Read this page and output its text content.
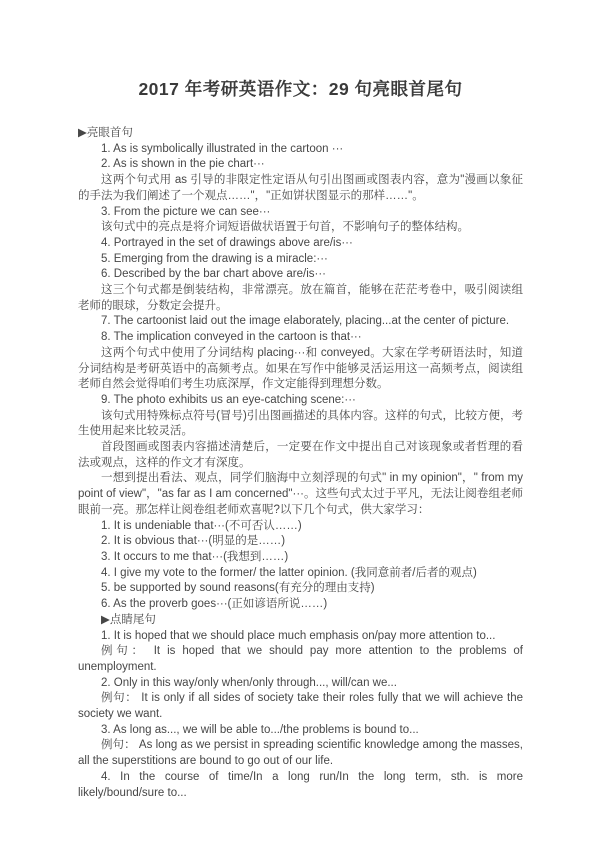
2017 年考研英语作文：29 句亮眼首尾句

▶亮眼首句

1. As is symbolically illustrated in the cartoon ···

2. As is shown in the pie chart···

这两个句式用 as 引导的非限定性定语从句引出图画或图表内容，意为"漫画以象征的手法为我们阐述了一个观点……"，"正如饼状图显示的那样……"。

3. From the picture we can see···

该句式中的亮点是将介词短语做状语置于句首，不影响句子的整体结构。

4. Portrayed in the set of drawings above are/is···

5. Emerging from the drawing is a miracle:···

6. Described by the bar chart above are/is···

这三个句式都是倒装结构，非常漂亮。放在篇首，能够在茫茫考卷中，吸引阅读组老师的眼球，分数定会提升。

7. The cartoonist laid out the image elaborately, placing...at the center of picture.

8. The implication conveyed in the cartoon is that···

这两个句式中使用了分词结构 placing···和 conveyed。大家在学考研语法时，知道分词结构是考研英语中的高频考点。如果在写作中能够灵活运用这一高频考点，阅读组老师自然会觉得咱们考生功底深厚，作文定能得到理想分数。

9. The photo exhibits us an eye-catching scene:···

该句式用特殊标点符号(冒号)引出图画描述的具体内容。这样的句式，比较方便，考生使用起来比较灵活。

首段图画或图表内容描述清楚后，一定要在作文中提出自己对该现象或者哲理的看法或观点，这样的作文才有深度。

一想到提出看法、观点，同学们脑海中立刻浮现的句式" in my opinion"，" from my point of view"，"as far as I am concerned"···。这些句式太过于平凡，无法让阅卷组老师眼前一亮。那怎样让阅卷组老师欢喜呢?以下几个句式，供大家学习：

1. It is undeniable that···(不可否认……)

2. It is obvious that···(明显的是……)

3. It occurs to me that···(我想到……)

4. I give my vote to the former/ the latter opinion. (我同意前者/后者的观点)

5. be supported by sound reasons(有充分的理由支持)

6. As the proverb goes···(正如谚语所说……)

▶点睛尾句

1. It is hoped that we should place much emphasis on/pay more attention to...

例句： It is hoped that we should pay more attention to the problems of unemployment.

2. Only in this way/only when/only through..., will/can we...

例句： It is only if all sides of society take their roles fully that we will achieve the society we want.

3. As long as..., we will be able to.../the problems is bound to...

例句： As long as we persist in spreading scientific knowledge among the masses, all the superstitions are bound to go out of our life.

4. In the course of time/In a long run/In the long term, sth. is more likely/bound/sure to...
